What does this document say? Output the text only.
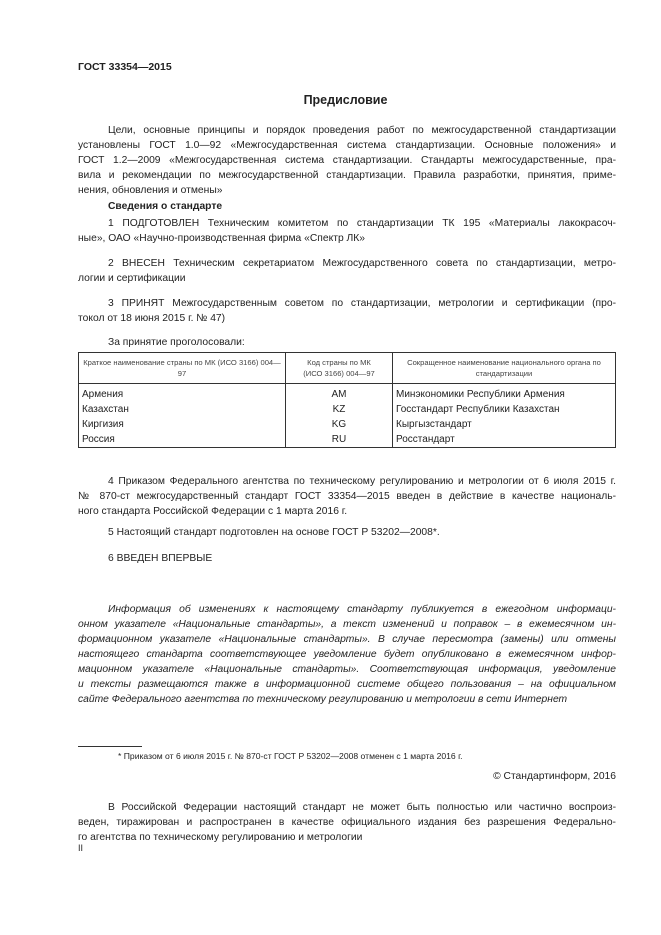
ГОСТ 33354—2015
Предисловие
Цели, основные принципы и порядок проведения работ по межгосударственной стандартизации
установлены ГОСТ 1.0—92 «Межгосударственная система стандартизации. Основные положения» и
ГОСТ 1.2—2009 «Межгосударственная система стандартизации. Стандарты межгосударственные, пра-
вила и рекомендации по межгосударственной стандартизации. Правила разработки, принятия, приме-
нения, обновления и отмены»
Сведения о стандарте
1 ПОДГОТОВЛЕН Техническим комитетом по стандартизации ТК 195 «Материалы лакокрасоч-
ные», ОАО «Научно-производственная фирма «Спектр ЛК»
2 ВНЕСЕН Техническим секретариатом Межгосударственного совета по стандартизации, метро-
логии и сертификации
3 ПРИНЯТ Межгосударственным советом по стандартизации, метрологии и сертификации (про-
токол от 18 июня 2015 г. № 47)
За принятие проголосовали:
Краткое наименование страны по МК (ИСО 3166) 004—97	Код страны по МК (ИСО 3166) 004—97	Сокращенное наименование национального органа по стандартизации
Армения	AM	Минэкономики Республики Армения
Казахстан	KZ	Госстандарт Республики Казахстан
Киргизия	KG	Кыргызстандарт
Россия	RU	Росстандарт
4 Приказом Федерального агентства по техническому регулированию и метрологии от 6 июля 2015 г.
№ 870-ст межгосударственный стандарт ГОСТ 33354—2015 введен в действие в качестве националь-
ного стандарта Российской Федерации с 1 марта 2016 г.
5 Настоящий стандарт подготовлен на основе ГОСТ Р 53202—2008*.
6 ВВЕДЕН ВПЕРВЫЕ
Информация об изменениях к настоящему стандарту публикуется в ежегодном информаци-
онном указателе «Национальные стандарты», а текст изменений и поправок – в ежемесячном ин-
формационном указателе «Национальные стандарты». В случае пересмотра (замены) или отмены
настоящего стандарта соответствующее уведомление будет опубликовано в ежемесячном инфор-
мационном указателе «Национальные стандарты». Соответствующая информация, уведомление
и тексты размещаются также в информационной системе общего пользования – на официальном
сайте Федерального агентства по техническому регулированию и метрологии в сети Интернет
* Приказом от 6 июля 2015 г. № 870-ст ГОСТ Р 53202—2008 отменен с 1 марта 2016 г.
© Стандартинформ, 2016
В Российской Федерации настоящий стандарт не может быть полностью или частично воспроиз-
веден, тиражирован и распространен в качестве официального издания без разрешения Федерально-
го агентства по техническому регулированию и метрологии
II
